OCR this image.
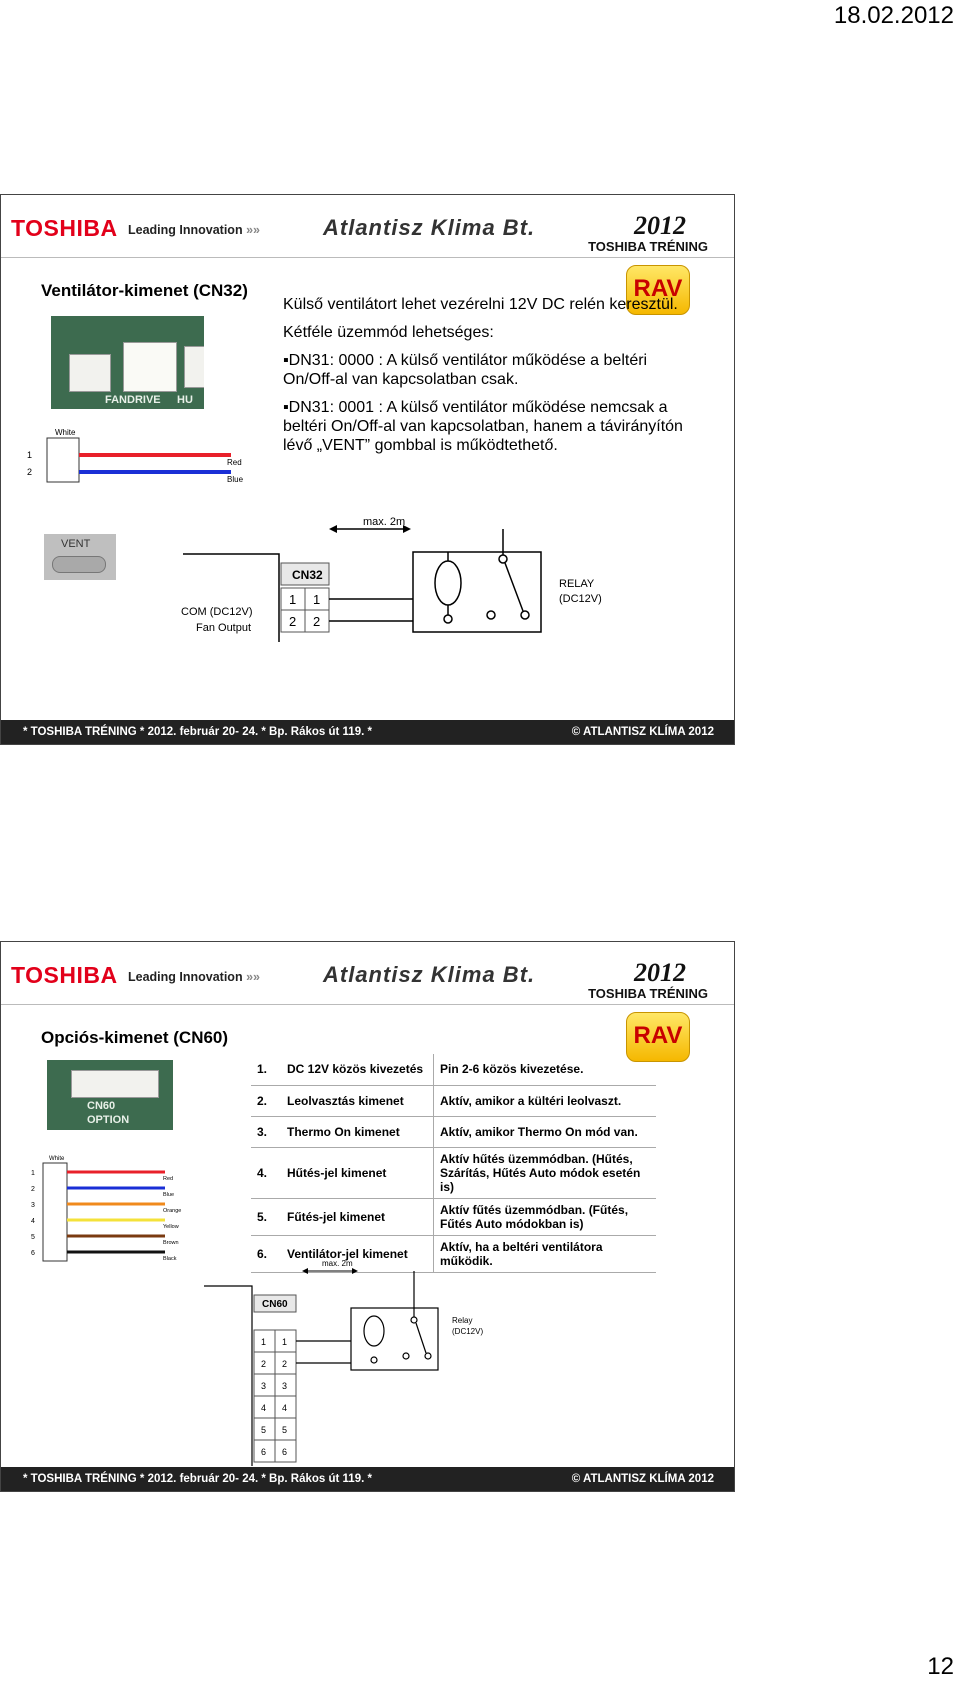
18.02.2012
TOSHIBA Leading Innovation »»	Atlantisz Klima Bt.	2012
TOSHIBA TRÉNING
RAV
Ventilátor-kimenet (CN32)
FANDRIVE HU
White
1
2
Red
Blue

Külső ventilátort lehet vezérelni 12V DC relén keresztül.

Kétféle üzemmód lehetséges:

▪DN31: 0000 : A külső ventilátor működése a beltéri On/Off-al van kapcsolatban csak.

▪DN31: 0001 : A külső ventilátor működése nemcsak a beltéri On/Off-al van kapcsolatban, hanem a távirányítón lévő „VENT” gombbal is működtethető.

VENT
max. 2m
CN32
1 1
2 2
COM (DC12V)
Fan Output
RELAY
(DC12V)
* TOSHIBA TRÉNING * 2012. február 20- 24. * Bp. Rákos út 119. *	© ATLANTISZ KLÍMA 2012
TOSHIBA Leading Innovation »»	Atlantisz Klima Bt.	2012
TOSHIBA TRÉNING
RAV
Opciós-kimenet (CN60)
CN60
OPTION
White
1
2
3
4
5
6
Red
Blue
Orange
Yellow
Brown
Black
1.	DC 12V közös kivezetés	Pin 2-6 közös kivezetése.
2.	Leolvasztás kimenet	Aktív, amikor a kültéri leolvaszt.
3.	Thermo On kimenet	Aktív, amikor Thermo On mód van.
4.	Hűtés-jel kimenet	Aktív hűtés üzemmódban. (Hűtés, Szárítás, Hűtés Auto módok esetén is)
5.	Fűtés-jel kimenet	Aktív fűtés üzemmódban. (Fűtés, Fűtés Auto módokban is)
6.	Ventilátor-jel kimenet	Aktív, ha a beltéri ventilátora működik.
max. 2m
CN60
1 1
2 2
3 3
4 4
5 5
6 6
Relay
(DC12V)
* TOSHIBA TRÉNING * 2012. február 20- 24. * Bp. Rákos út 119. *	© ATLANTISZ KLÍMA 2012
12
